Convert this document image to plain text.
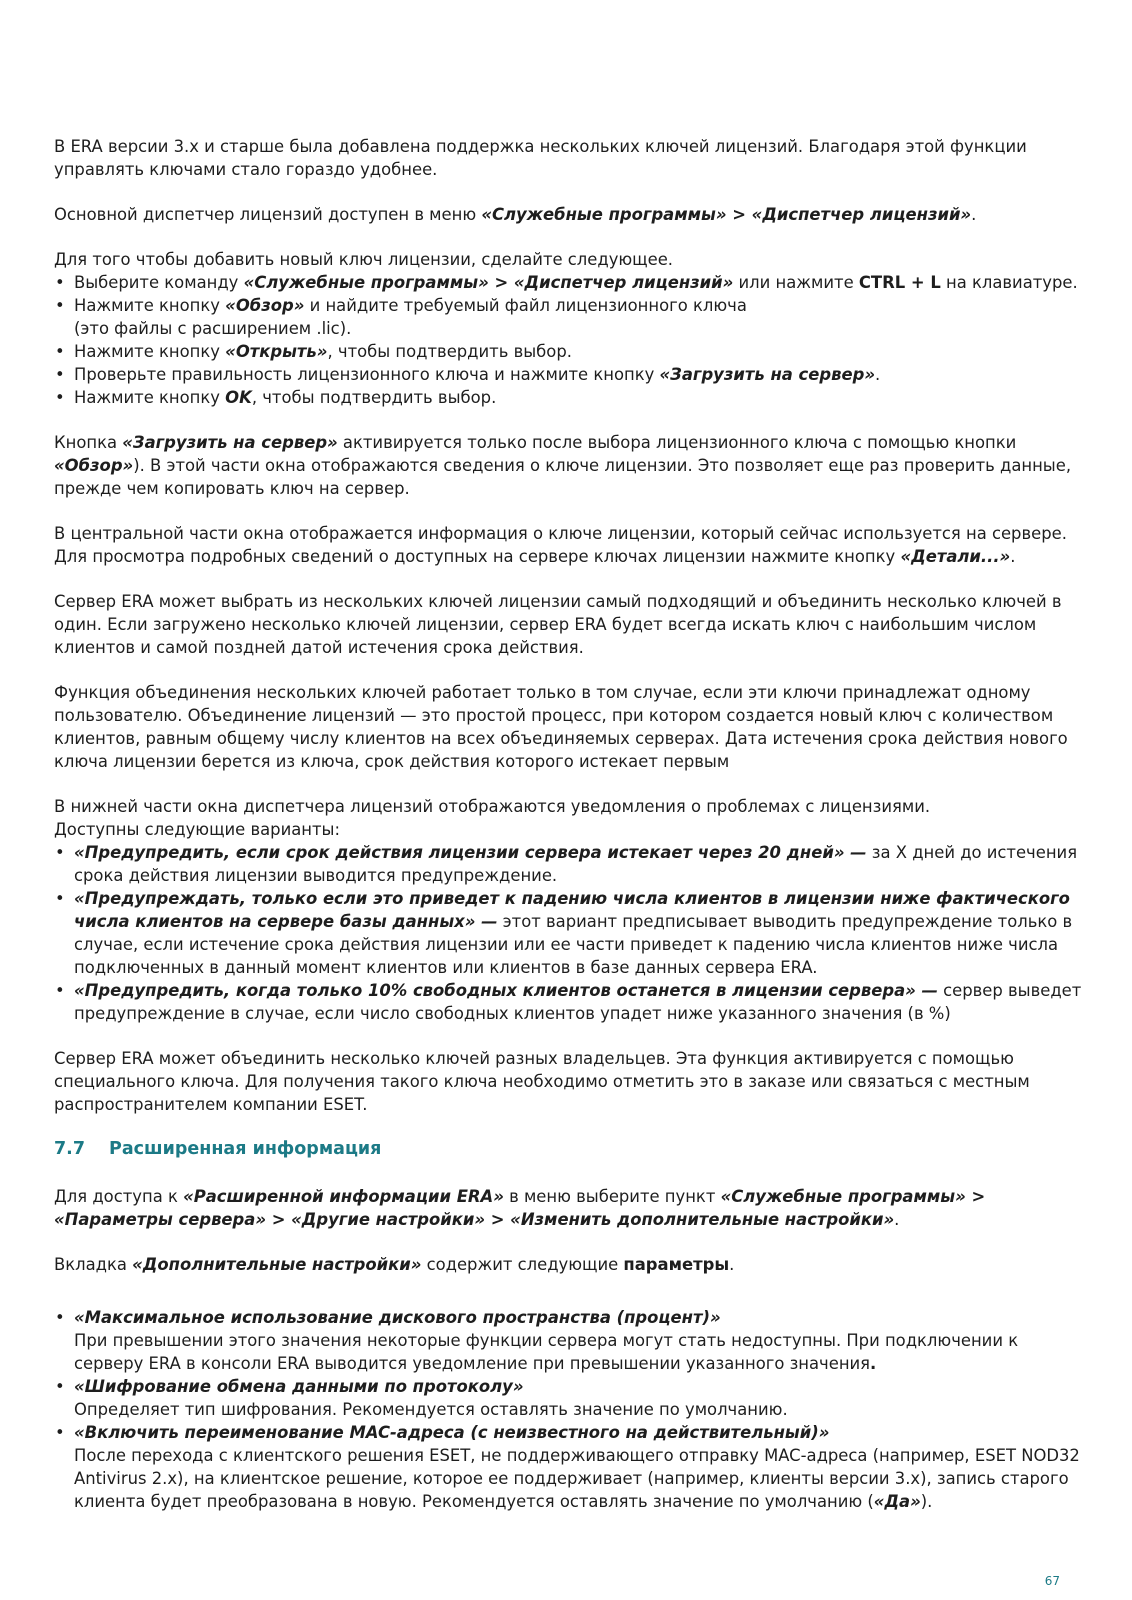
В ERA версии 3.x и старше была добавлена поддержка нескольких ключей лицензий. Благодаря этой функции управлять ключами стало гораздо удобнее.

Основной диспетчер лицензий доступен в меню «Служебные программы» > «Диспетчер лицензий».

Для того чтобы добавить новый ключ лицензии, сделайте следующее.
• Выберите команду «Служебные программы» > «Диспетчер лицензий» или нажмите CTRL + L на клавиатуре.
• Нажмите кнопку «Обзор» и найдите требуемый файл лицензионного ключа
(это файлы с расширением .lic).
• Нажмите кнопку «Открыть», чтобы подтвердить выбор.
• Проверьте правильность лицензионного ключа и нажмите кнопку «Загрузить на сервер».
• Нажмите кнопку OK, чтобы подтвердить выбор.

Кнопка «Загрузить на сервер» активируется только после выбора лицензионного ключа с помощью кнопки «Обзор»). В этой части окна отображаются сведения о ключе лицензии. Это позволяет еще раз проверить данные, прежде чем копировать ключ на сервер.

В центральной части окна отображается информация о ключе лицензии, который сейчас используется на сервере. Для просмотра подробных сведений о доступных на сервере ключах лицензии нажмите кнопку «Детали...».

Сервер ERA может выбрать из нескольких ключей лицензии самый подходящий и объединить несколько ключей в один. Если загружено несколько ключей лицензии, сервер ERA будет всегда искать ключ с наибольшим числом клиентов и самой поздней датой истечения срока действия.

Функция объединения нескольких ключей работает только в том случае, если эти ключи принадлежат одному пользователю. Объединение лицензий — это простой процесс, при котором создается новый ключ с количеством клиентов, равным общему числу клиентов на всех объединяемых серверах. Дата истечения срока действия нового ключа лицензии берется из ключа, срок действия которого истекает первым

В нижней части окна диспетчера лицензий отображаются уведомления о проблемах с лицензиями.
Доступны следующие варианты:
• «Предупредить, если срок действия лицензии сервера истекает через 20 дней» — за X дней до истечения срока действия лицензии выводится предупреждение.
• «Предупреждать, только если это приведет к падению числа клиентов в лицензии ниже фактического числа клиентов на сервере базы данных» — этот вариант предписывает выводить предупреждение только в случае, если истечение срока действия лицензии или ее части приведет к падению числа клиентов ниже числа подключенных в данный момент клиентов или клиентов в базе данных сервера ERA.
• «Предупредить, когда только 10% свободных клиентов останется в лицензии сервера» — сервер выведет предупреждение в случае, если число свободных клиентов упадет ниже указанного значения (в %)

Сервер ERA может объединить несколько ключей разных владельцев. Эта функция активируется с помощью специального ключа. Для получения такого ключа необходимо отметить это в заказе или связаться с местным распространителем компании ESET.

7.7 Расширенная информация

Для доступа к «Расширенной информации ERA» в меню выберите пункт «Служебные программы» > «Параметры сервера» > «Другие настройки» > «Изменить дополнительные настройки».

Вкладка «Дополнительные настройки» содержит следующие параметры.

• «Максимальное использование дискового пространства (процент)»
При превышении этого значения некоторые функции сервера могут стать недоступны. При подключении к серверу ERA в консоли ERA выводится уведомление при превышении указанного значения.
• «Шифрование обмена данными по протоколу»
Определяет тип шифрования. Рекомендуется оставлять значение по умолчанию.
• «Включить переименование MAC-адреса (с неизвестного на действительный)»
После перехода с клиентского решения ESET, не поддерживающего отправку MAC-адреса (например, ESET NOD32 Antivirus 2.x), на клиентское решение, которое ее поддерживает (например, клиенты версии 3.x), запись старого клиента будет преобразована в новую. Рекомендуется оставлять значение по умолчанию («Да»).
67
